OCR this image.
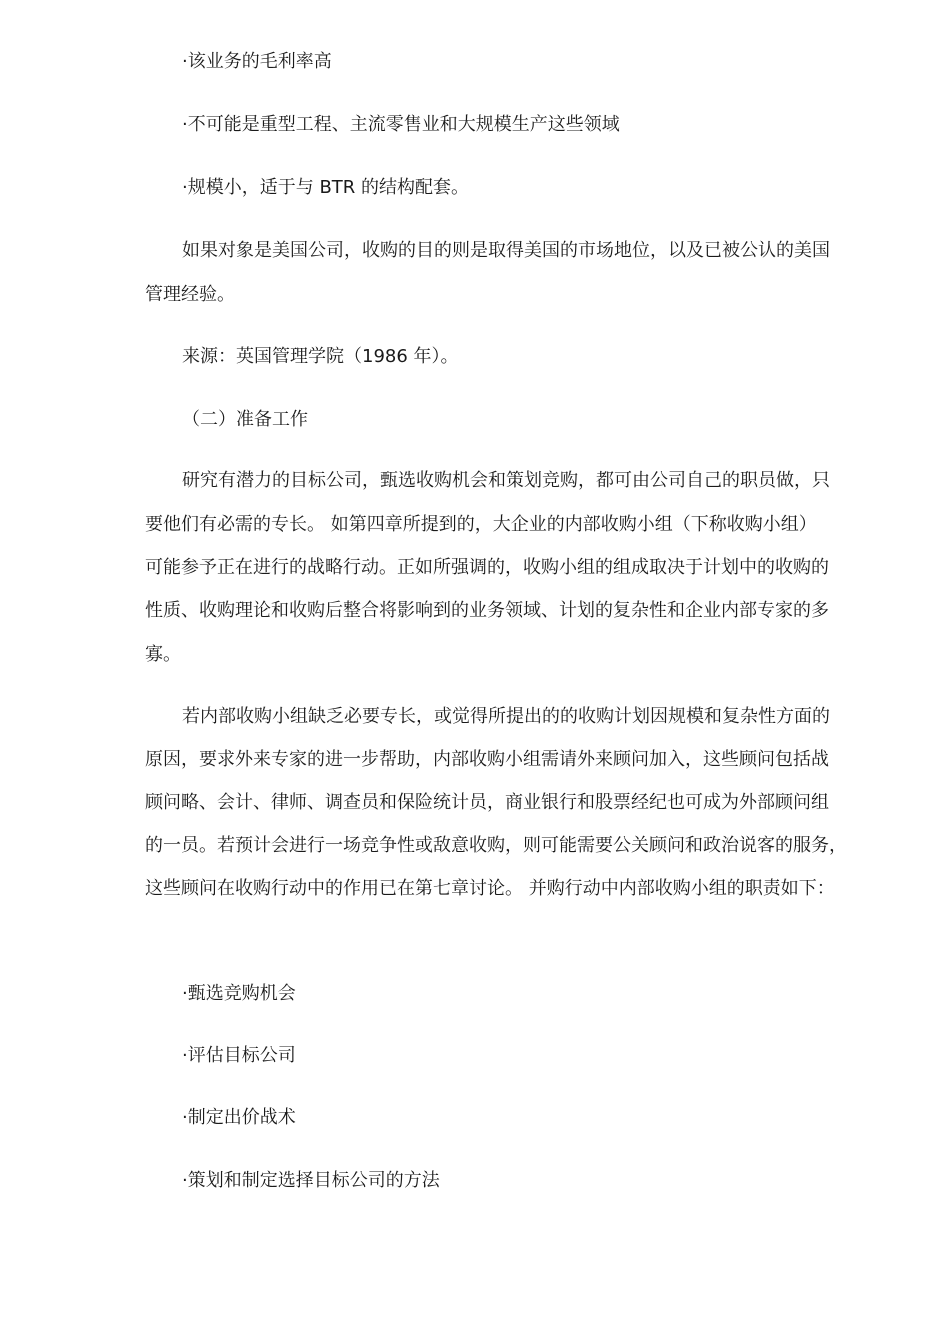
·该业务的毛利率高
·不可能是重型工程、主流零售业和大规模生产这些领域
·规模小，适于与 BTR 的结构配套。
如果对象是美国公司，收购的目的则是取得美国的市场地位，以及已被公认的美国
管理经验。
来源：英国管理学院（1986 年）。
（二）准备工作
研究有潜力的目标公司，甄选收购机会和策划竞购，都可由公司自己的职员做，只
要他们有必需的专长。 如第四章所提到的，大企业的内部收购小组（下称收购小组）
可能参予正在进行的战略行动。正如所强调的，收购小组的组成取决于计划中的收购的
性质、收购理论和收购后整合将影响到的业务领域、计划的复杂性和企业内部专家的多
寡。
若内部收购小组缺乏必要专长，或觉得所提出的的收购计划因规模和复杂性方面的
原因，要求外来专家的进一步帮助，内部收购小组需请外来顾问加入，这些顾问包括战
顾问略、会计、律师、调查员和保险统计员，商业银行和股票经纪也可成为外部顾问组
的一员。若预计会进行一场竞争性或敌意收购，则可能需要公关顾问和政治说客的服务，
这些顾问在收购行动中的作用已在第七章讨论。 并购行动中内部收购小组的职责如下：
·甄选竞购机会
·评估目标公司
·制定出价战术
·策划和制定选择目标公司的方法
